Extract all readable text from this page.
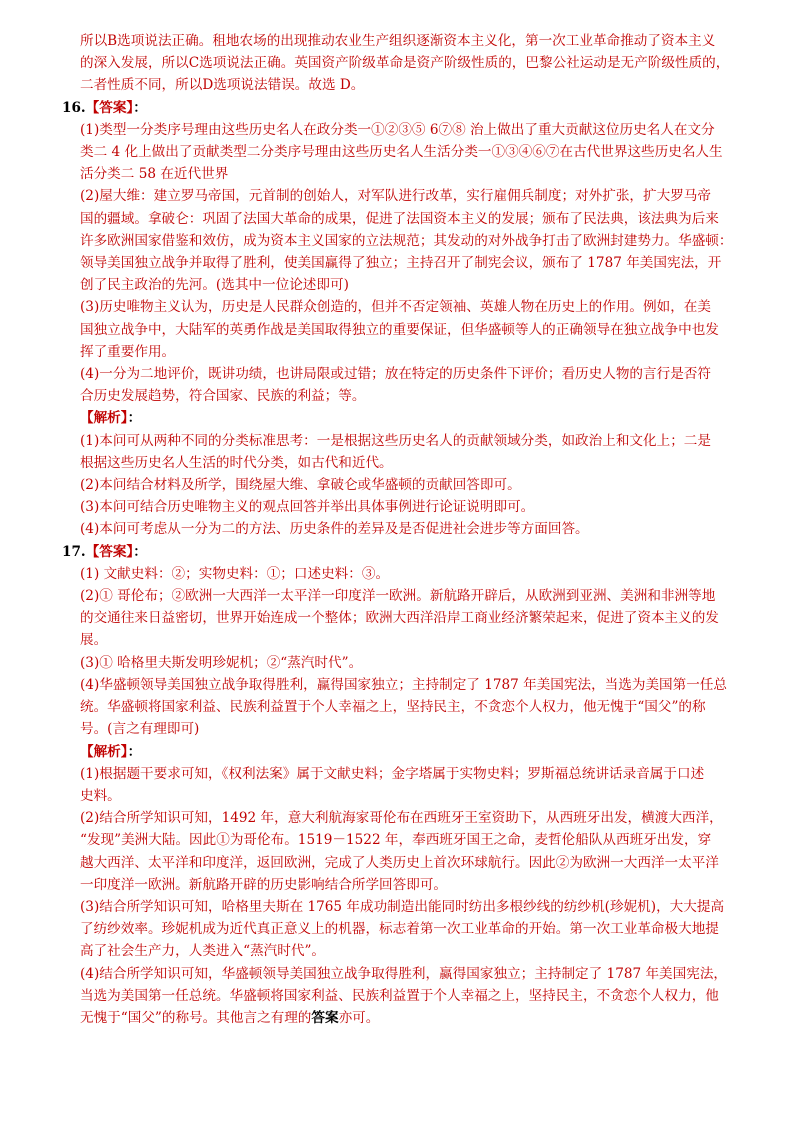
所以B选项说法正确。租地农场的出现推动农业生产组织逐渐资本主义化，第一次工业革命推动了资本主义

的深入发展，所以C选项说法正确。英国资产阶级革命是资产阶级性质的，巴黎公社运动是无产阶级性质的，

二者性质不同，所以D选项说法错误。故选 D。

16.【答案】：

(1)类型一分类序号理由这些历史名人在政分类一①②③⑤ 6⑦⑧ 治上做出了重大贡献这位历史名人在文分

类二 4 化上做出了贡献类型二分类序号理由这些历史名人生活分类一①③④⑥⑦在古代世界这些历史名人生

活分类二 58 在近代世界

(2)屋大维：建立罗马帝国，元首制的创始人，对军队进行改革，实行雇佣兵制度；对外扩张，扩大罗马帝

国的疆域。拿破仑：巩固了法国大革命的成果，促进了法国资本主义的发展；颁布了民法典，该法典为后来

许多欧洲国家借鉴和效仿，成为资本主义国家的立法规范；其发动的对外战争打击了欧洲封建势力。华盛顿：

领导美国独立战争并取得了胜利，使美国赢得了独立；主持召开了制宪会议，颁布了 1787 年美国宪法，开

创了民主政治的先河。(选其中一位论述即可)

(3)历史唯物主义认为，历史是人民群众创造的，但并不否定领袖、英雄人物在历史上的作用。例如，在美

国独立战争中，大陆军的英勇作战是美国取得独立的重要保证，但华盛顿等人的正确领导在独立战争中也发

挥了重要作用。

(4)一分为二地评价，既讲功绩，也讲局限或过错；放在特定的历史条件下评价；看历史人物的言行是否符

合历史发展趋势，符合国家、民族的利益；等。

【解析】：

(1)本问可从两种不同的分类标准思考：一是根据这些历史名人的贡献领域分类，如政治上和文化上；二是

根据这些历史名人生活的时代分类，如古代和近代。

(2)本问结合材料及所学，围绕屋大维、拿破仑或华盛顿的贡献回答即可。

(3)本问可结合历史唯物主义的观点回答并举出具体事例进行论证说明即可。

(4)本问可考虑从一分为二的方法、历史条件的差异及是否促进社会进步等方面回答。

17.【答案】：

(1) 文献史料：②；实物史料：①；口述史料：③。

(2)① 哥伦布；②欧洲一大西洋一太平洋一印度洋一欧洲。新航路开辟后，从欧洲到亚洲、美洲和非洲等地

的交通往来日益密切，世界开始连成一个整体；欧洲大西洋沿岸工商业经济繁荣起来，促进了资本主义的发

展。

(3)① 哈格里夫斯发明珍妮机；②“蒸汽时代”。

(4)华盛顿领导美国独立战争取得胜利，赢得国家独立；主持制定了 1787 年美国宪法，当选为美国第一任总

统。华盛顿将国家利益、民族利益置于个人幸福之上，坚持民主，不贪恋个人权力，他无愧于“国父”的称

号。(言之有理即可)

【解析】：

(1)根据题干要求可知，《权利法案》属于文献史料；金字塔属于实物史料；罗斯福总统讲话录音属于口述

史料。

(2)结合所学知识可知，1492 年，意大利航海家哥伦布在西班牙王室资助下，从西班牙出发，横渡大西洋，

“发现”美洲大陆。因此①为哥伦布。1519－1522 年，奉西班牙国王之命，麦哲伦船队从西班牙出发，穿

越大西洋、太平洋和印度洋，返回欧洲，完成了人类历史上首次环球航行。因此②为欧洲一大西洋一太平洋

一印度洋一欧洲。新航路开辟的历史影响结合所学回答即可。

(3)结合所学知识可知，哈格里夫斯在 1765 年成功制造出能同时纺出多根纱线的纺纱机(珍妮机)，大大提高

了纺纱效率。珍妮机成为近代真正意义上的机器，标志着第一次工业革命的开始。第一次工业革命极大地提

高了社会生产力，人类进入“蒸汽时代”。

(4)结合所学知识可知，华盛顿领导美国独立战争取得胜利，赢得国家独立；主持制定了 1787 年美国宪法，

当选为美国第一任总统。华盛顿将国家利益、民族利益置于个人幸福之上，坚持民主，不贪恋个人权力，他

无愧于“国父”的称号。其他言之有理的答案亦可。
